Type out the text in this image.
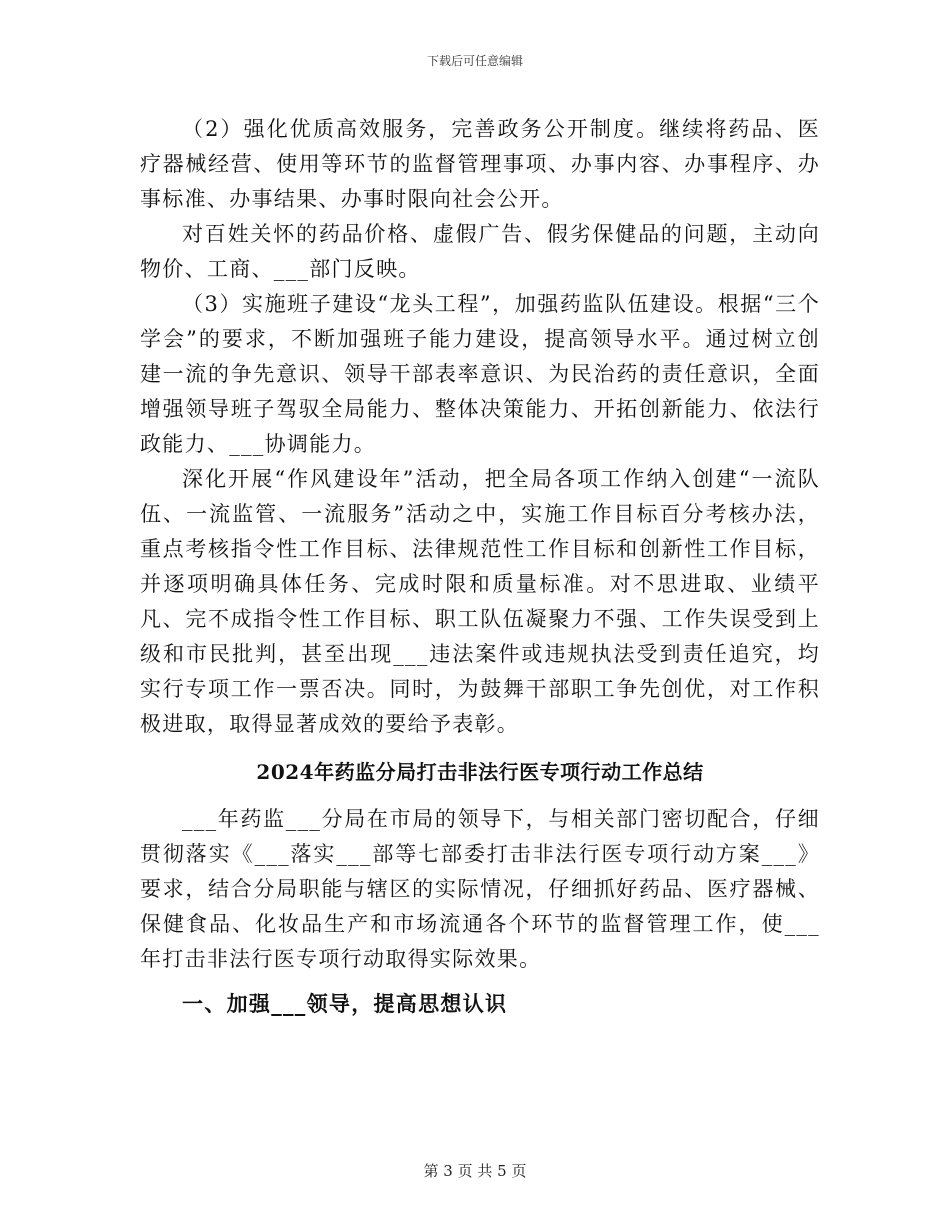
下载后可任意编辑

（2）强化优质高效服务，完善政务公开制度。继续将药品、医疗器械经营、使用等环节的监督管理事项、办事内容、办事程序、办事标准、办事结果、办事时限向社会公开。

对百姓关怀的药品价格、虚假广告、假劣保健品的问题，主动向物价、工商、___部门反映。

（3）实施班子建设“龙头工程”，加强药监队伍建设。根据“三个学会”的要求，不断加强班子能力建设，提高领导水平。通过树立创建一流的争先意识、领导干部表率意识、为民治药的责任意识，全面增强领导班子驾驭全局能力、整体决策能力、开拓创新能力、依法行政能力、___协调能力。

深化开展“作风建设年”活动，把全局各项工作纳入创建“一流队伍、一流监管、一流服务”活动之中，实施工作目标百分考核办法，重点考核指令性工作目标、法律规范性工作目标和创新性工作目标，并逐项明确具体任务、完成时限和质量标准。对不思进取、业绩平凡、完不成指令性工作目标、职工队伍凝聚力不强、工作失误受到上级和市民批判，甚至出现___违法案件或违规执法受到责任追究，均实行专项工作一票否决。同时，为鼓舞干部职工争先创优，对工作积极进取，取得显著成效的要给予表彰。

2024年药监分局打击非法行医专项行动工作总结

___年药监___分局在市局的领导下，与相关部门密切配合，仔细贯彻落实《___落实___部等七部委打击非法行医专项行动方案___》要求，结合分局职能与辖区的实际情况，仔细抓好药品、医疗器械、保健食品、化妆品生产和市场流通各个环节的监督管理工作，使___年打击非法行医专项行动取得实际效果。

一、加强___领导，提高思想认识
第 3 页 共 5 页
